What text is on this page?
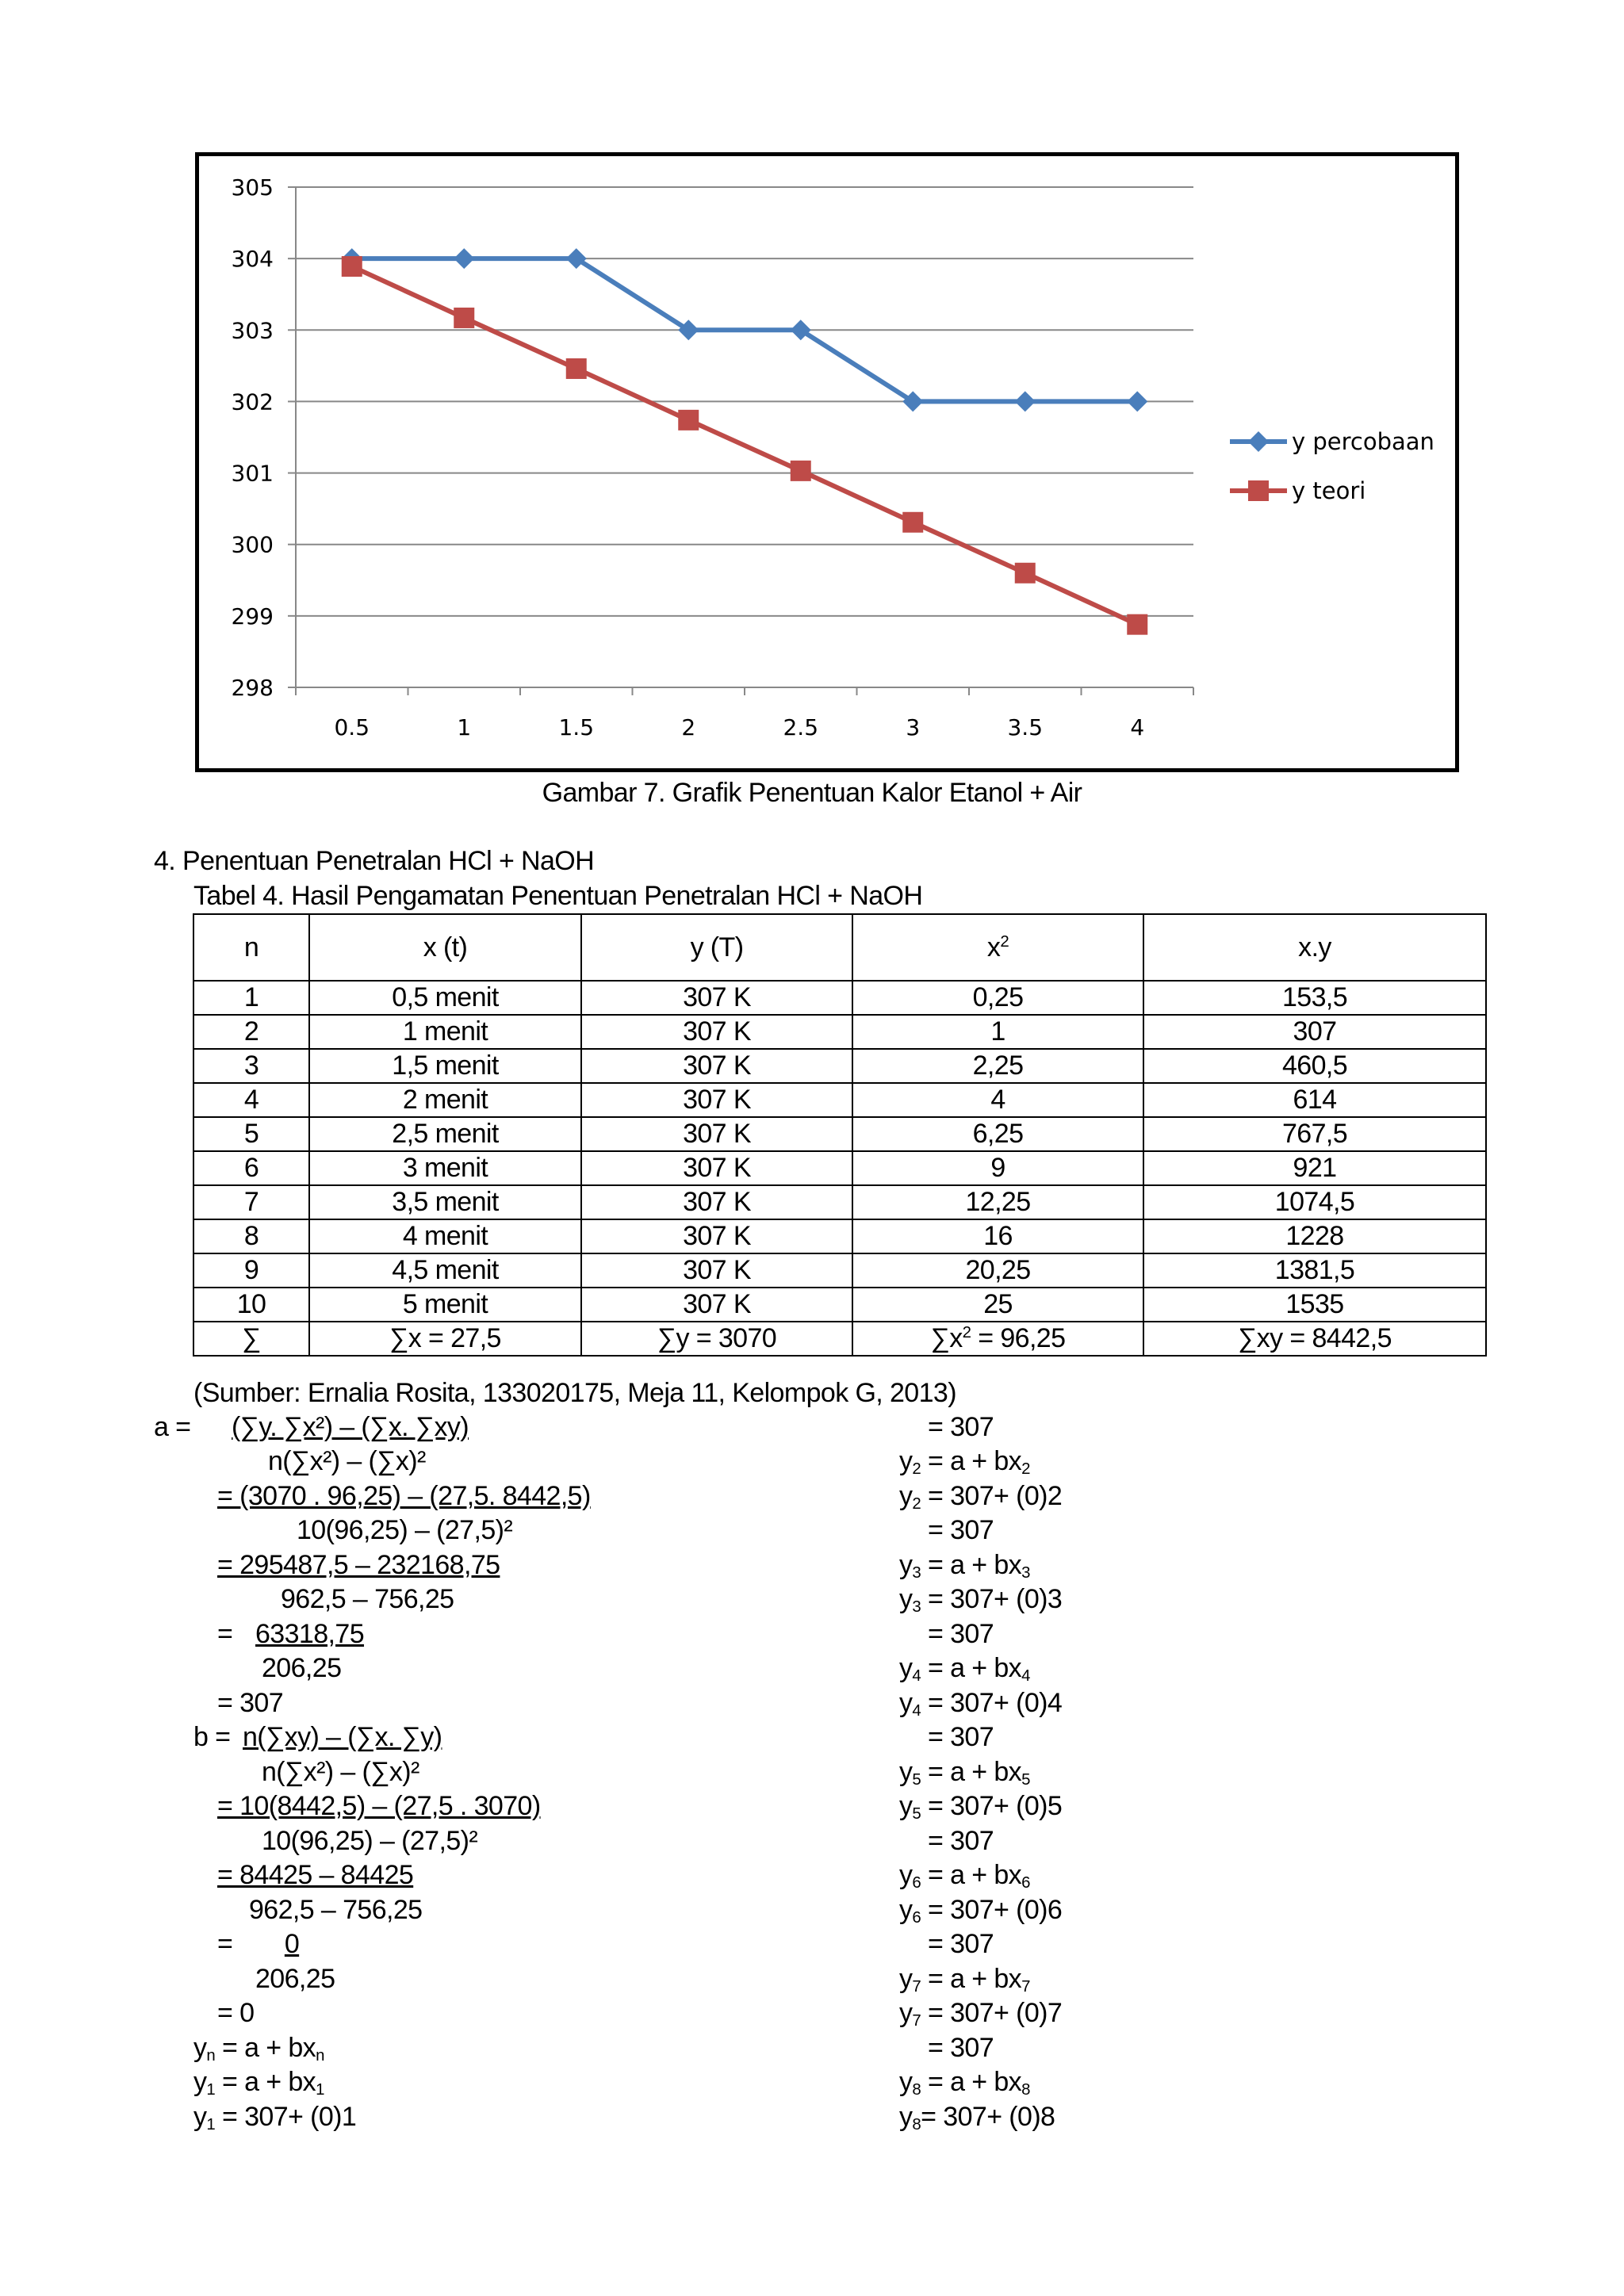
305
304
303
302
301
300
299
298
0.5	1	1.5	2	2.5	3	3.5	4
y percobaan
y teori
Gambar 7. Grafik Penentuan Kalor Etanol + Air
4. Penentuan Penetralan HCl + NaOH
Tabel 4. Hasil Pengamatan Penentuan Penetralan HCl + NaOH
n	x (t)	y (T)	$x^2$	x.y
1	0,5 menit	307 K	0,25	153,5
2	1 menit	307 K	1	307
3	1,5 menit	307 K	2,25	460,5
4	2 menit	307 K	4	614
5	2,5 menit	307 K	6,25	767,5
6	3 menit	307 K	9	921
7	3,5 menit	307 K	12,25	1074,5
8	4 menit	307 K	16	1228
9	4,5 menit	307 K	20,25	1381,5
10	5 menit	307 K	25	1535
∑	∑x = 27,5	∑y = 3070	$\sum x^2 = 96,25$	∑xy = 8442,5
(Sumber: Ernalia Rosita, 133020175, Meja 11, Kelompok G, 2013)
a = (∑y. ∑x²) – (∑x. ∑xy)
n(∑x²) – (∑x)²
= (3070 . 96,25) – (27,5. 8442,5)
10(96,25) – (27,5)²
= 295487,5 – 232168,75
962,5 – 756,25
= 63318,75
206,25
= 307
b = n(∑xy) – (∑x. ∑y)
n(∑x²) – (∑x)²
= 10(8442,5) – (27,5 . 3070)
10(96,25) – (27,5)²
= 84425 – 84425
962,5 – 756,25
=	0
206,25
= 0
$y_n = a + bx_n$
$y_1 = a + bx_1$
$y_1 = 307+ (0)1$
= 307
$y_2 = a + bx_2$
$y_2 = 307+ (0)2$
= 307
$y_3 = a + bx_3$
$y_3 = 307+ (0)3$
= 307
$y_4 = a + bx_4$
$y_4 = 307+ (0)4$
= 307
$y_5 = a + bx_5$
$y_5 = 307+ (0)5$
= 307
$y_6 = a + bx_6$
$y_6 = 307+ (0)6$
= 307
$y_7 = a + bx_7$
$y_7 = 307+ (0)7$
= 307
$y_8 = a + bx_8$
$y_8= 307+ (0)8$
